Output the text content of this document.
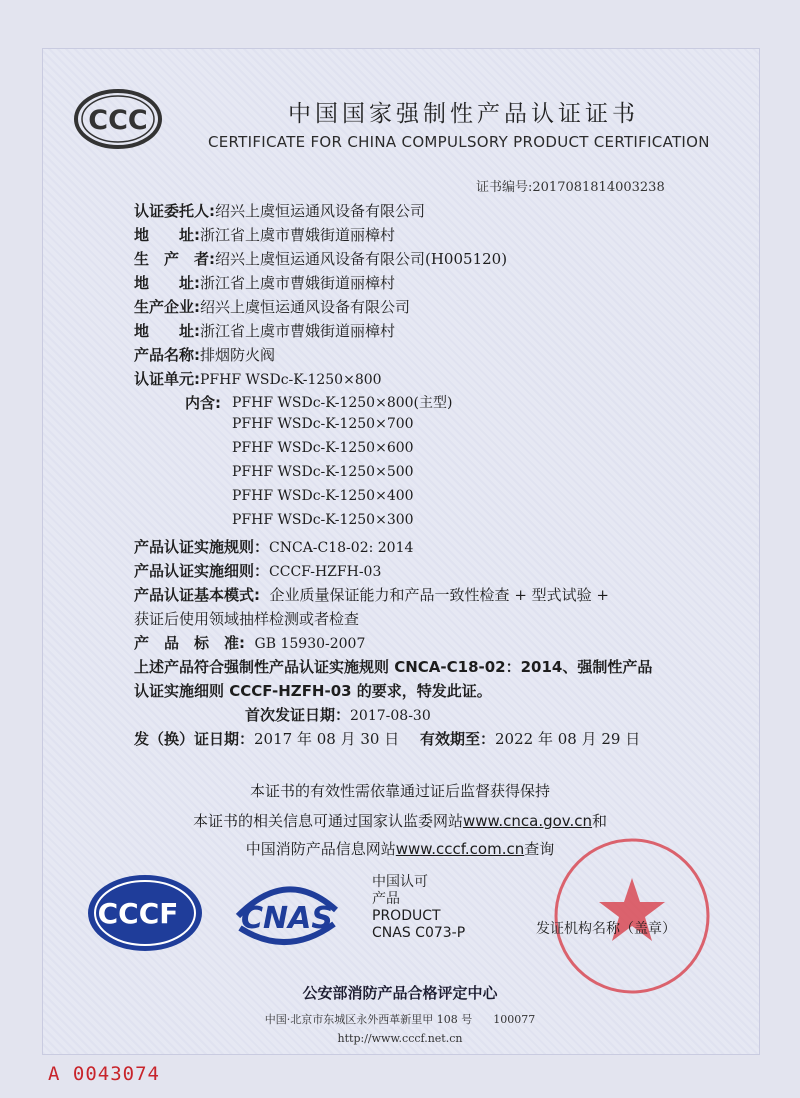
CCC	中国国家强制性产品认证证书
CERTIFICATE FOR CHINA COMPULSORY PRODUCT CERTIFICATION
证书编号:2017081814003238
认证委托人:绍兴上虞恒运通风设备有限公司
地　　址:浙江省上虞市曹娥街道丽樟村
生　产　者:绍兴上虞恒运通风设备有限公司(H005120)
地　　址:浙江省上虞市曹娥街道丽樟村
生产企业:绍兴上虞恒运通风设备有限公司
地　　址:浙江省上虞市曹娥街道丽樟村
产品名称:排烟防火阀
认证单元:PFHF WSDc-K-1250×800
内含: PFHF WSDc-K-1250×800(主型)
PFHF WSDc-K-1250×700
PFHF WSDc-K-1250×600
PFHF WSDc-K-1250×500
PFHF WSDc-K-1250×400
PFHF WSDc-K-1250×300
产品认证实施规则：CNCA-C18-02: 2014
产品认证实施细则：CCCF-HZFH-03
产品认证基本模式: 企业质量保证能力和产品一致性检查 + 型式试验 +
获证后使用领域抽样检测或者检查
产　品　标　准: GB 15930-2007
上述产品符合强制性产品认证实施规则 CNCA-C18-02：2014、强制性产品
认证实施细则 CCCF-HZFH-03 的要求，特发此证。
首次发证日期：2017-08-30
发（换）证日期：2017 年 08 月 30 日 有效期至：2022 年 08 月 29 日
本证书的有效性需依靠通过证后监督获得保持
本证书的相关信息可通过国家认监委网站www.cnca.gov.cn和
中国消防产品信息网站www.cccf.com.cn查询
CCCF CNAS
中国认可
产品
PRODUCT
CNAS C073-P	发证机构名称（盖章）
公安部消防产品合格评定中心
中国·北京市东城区永外西革新里甲 108 号 100077
http://www.cccf.net.cn
A 0043074
